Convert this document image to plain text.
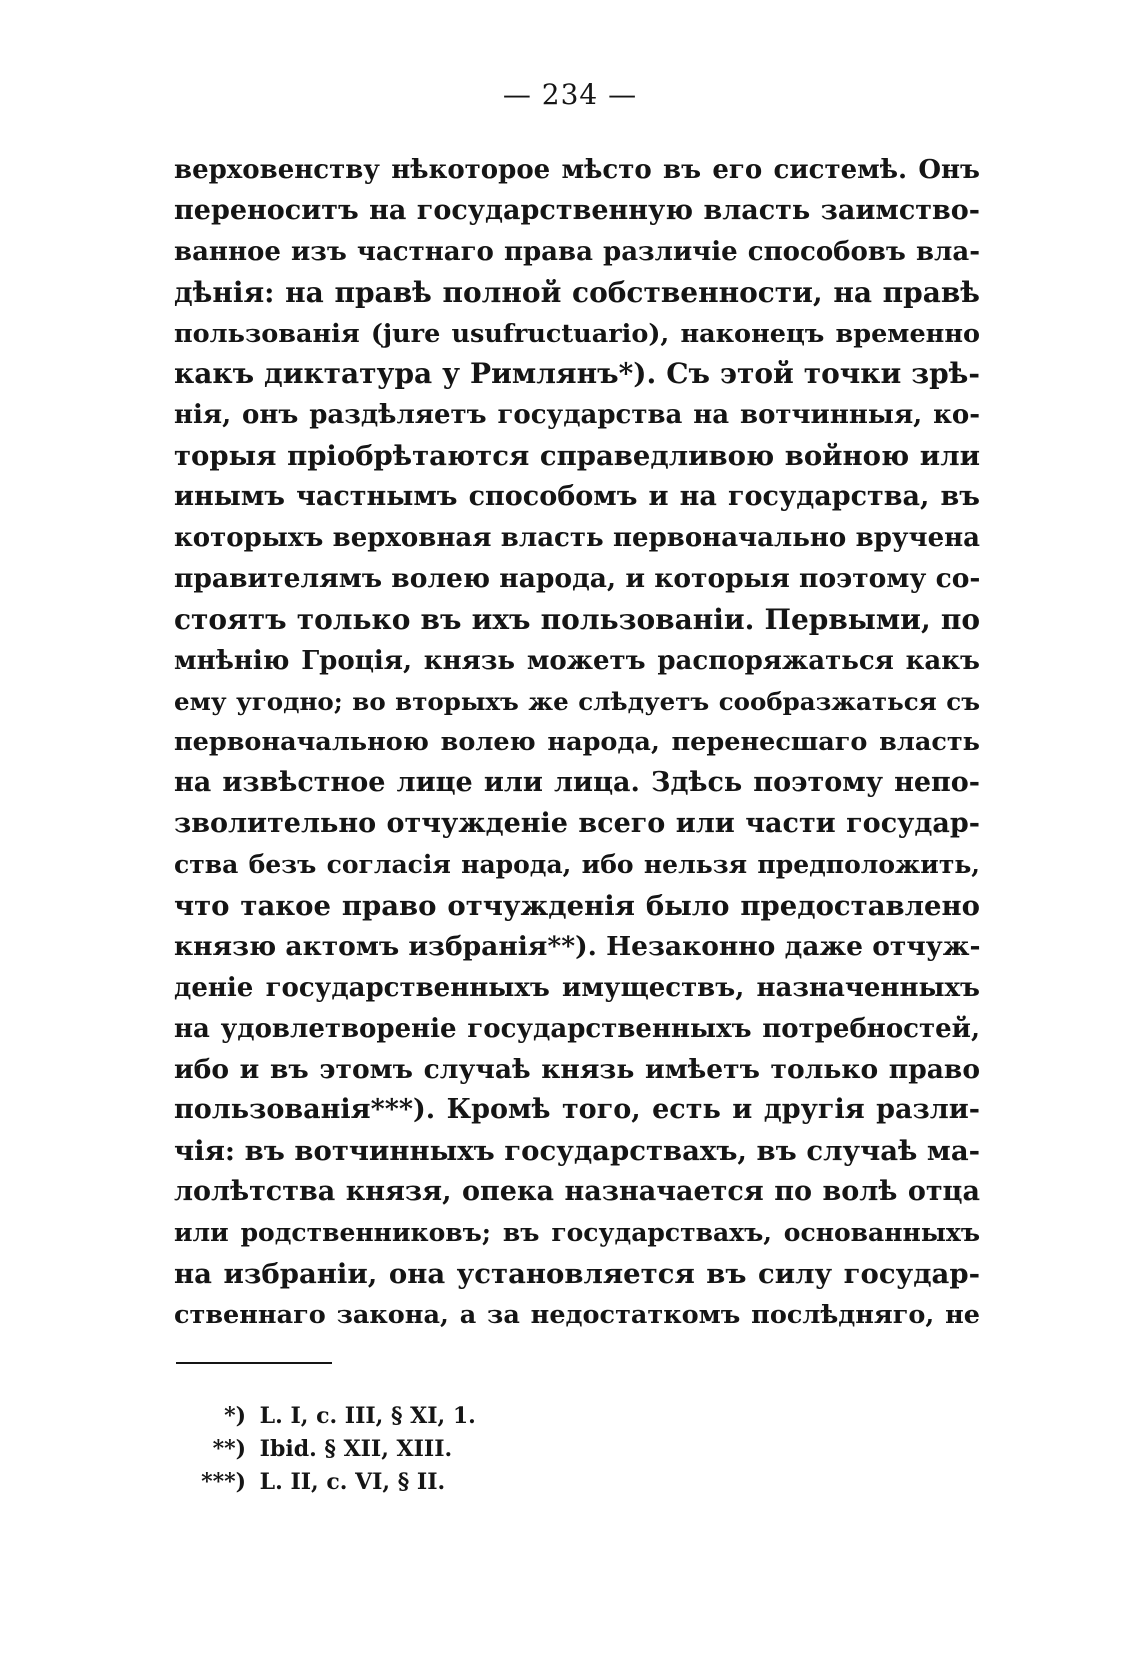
— 234 —
верховенству нѣкоторое мѣсто въ его системѣ. Онъ
переноситъ на государственную власть заимство-
ванное изъ частнаго права различіе способовъ вла-
дѣнія: на правѣ полной собственности, на правѣ
пользованія (jure usufructuario), наконецъ временно
какъ диктатура у Римлянъ*). Съ этой точки зрѣ-
нія, онъ раздѣляетъ государства на вотчинныя, ко-
торыя пріобрѣтаются справедливою войною или
инымъ частнымъ способомъ и на государства, въ
которыхъ верховная власть первоначально вручена
правителямъ волею народа, и которыя поэтому со-
стоятъ только въ ихъ пользованіи. Первыми, по
мнѣнію Гроція, князь можетъ распоряжаться какъ
ему угодно; во вторыхъ же слѣдуетъ сообразжаться съ
первоначальною волею народа, перенесшаго власть
на извѣстное лице или лица. Здѣсь поэтому непо-
зволительно отчужденіе всего или части государ-
ства безъ согласія народа, ибо нельзя предположить,
что такое право отчужденія было предоставлено
князю актомъ избранія**). Незаконно даже отчуж-
деніе государственныхъ имуществъ, назначенныхъ
на удовлетвореніе государственныхъ потребностей,
ибо и въ этомъ случаѣ князь имѣетъ только право
пользованія***). Кромѣ того, есть и другія разли-
чія: въ вотчинныхъ государствахъ, въ случаѣ ма-
лолѣтства князя, опека назначается по волѣ отца
или родственниковъ; въ государствахъ, основанныхъ
на избраніи, она установляется въ силу государ-
ственнаго закона, а за недостаткомъ послѣдняго, не
*) L. I, c. III, § XI, 1.
**) Ibid. § XII, XIII.
***) L. II, c. VI, § II.
